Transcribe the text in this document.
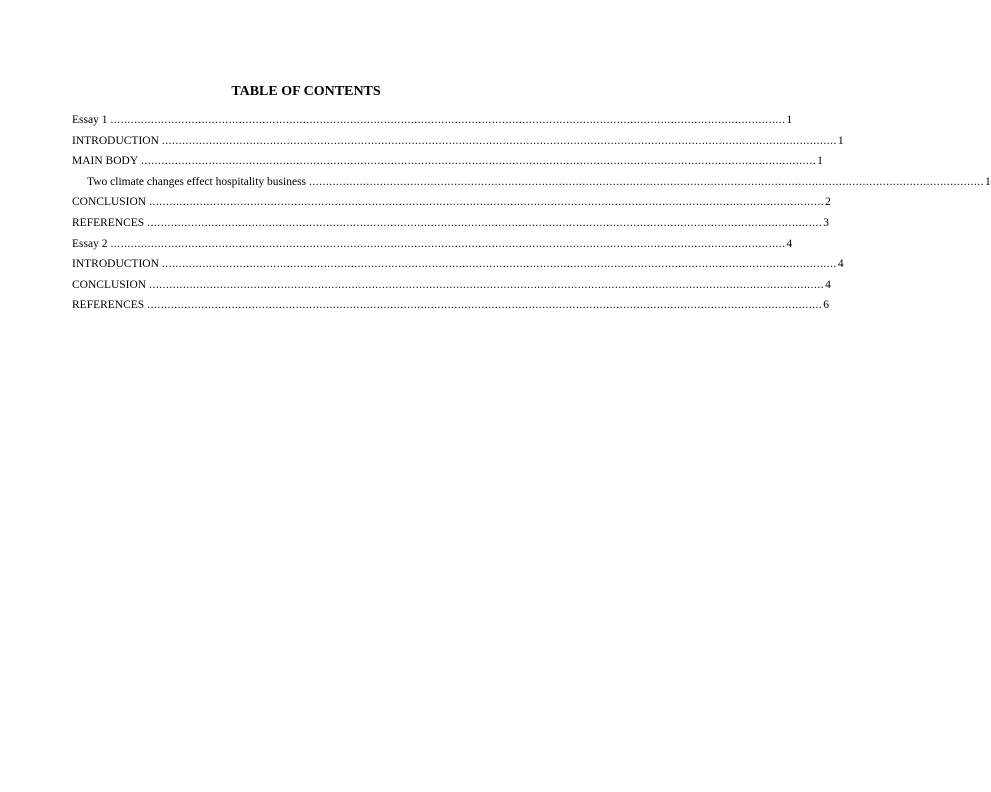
TABLE OF CONTENTS
Essay 1 ........................................................................................................................................................................................................ 1
INTRODUCTION ........................................................................................................................................................................................................ 1
MAIN BODY ........................................................................................................................................................................................................ 1
Two climate changes effect hospitality business ........................................................................................................................................................................................................ 1
CONCLUSION ........................................................................................................................................................................................................ 2
REFERENCES ........................................................................................................................................................................................................ 3
Essay 2 ........................................................................................................................................................................................................ 4
INTRODUCTION ........................................................................................................................................................................................................ 4
CONCLUSION ........................................................................................................................................................................................................ 4
REFERENCES ........................................................................................................................................................................................................ 6
